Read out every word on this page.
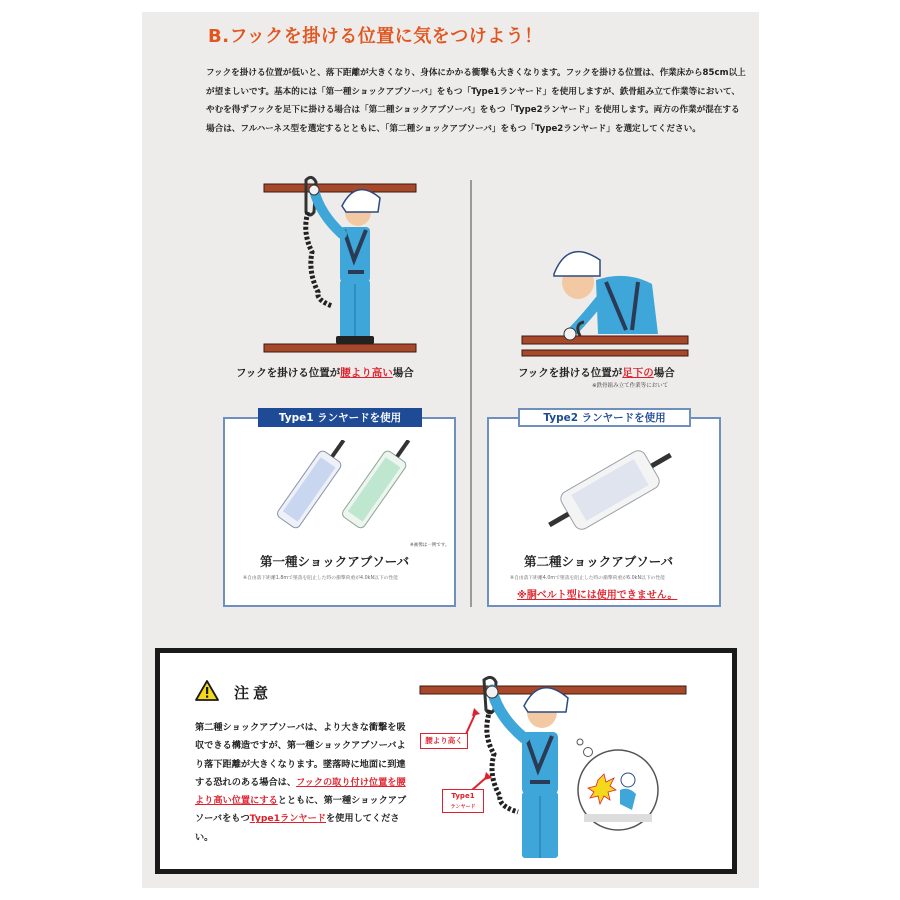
B.フックを掛ける位置に気をつけよう！
フックを掛ける位置が低いと、落下距離が大きくなり、身体にかかる衝撃も大きくなります。フックを掛ける位置は、作業床から85cm以上が望ましいです。基本的には「第一種ショックアブソーバ」をもつ「Type1ランヤード」を使用しますが、鉄骨組み立て作業等において、やむを得ずフックを足下に掛ける場合は「第二種ショックアブソーバ」をもつ「Type2ランヤード」を使用します。両方の作業が混在する場合は、フルハーネス型を選定するとともに、「第二種ショックアブソーバ」をもつ「Type2ランヤード」を選定してください。
フックを掛ける位置が腰より高い場合	フックを掛ける位置が足下の場合
※鉄骨組み立て作業等において
Type1 ランヤードを使用
※画像は一例です。
第一種ショックアブソーバ
※自由落下距離1.8mで墜落を阻止した時の衝撃荷重が4.0kN以下の性能
Type2 ランヤードを使用
第二種ショックアブソーバ
※自由落下距離4.0mで墜落を阻止した時の衝撃荷重が6.0kN以下の性能
※胴ベルト型には使用できません。
注意
第二種ショックアブソーバは、より大きな衝撃を吸収できる構造ですが、第一種ショックアブソーバより落下距離が大きくなります。墜落時に地面に到達する恐れのある場合は、フックの取り付け位置を腰より高い位置にするとともに、第一種ショックアブソーバをもつType1ランヤードを使用してください。
腰より高く
Type1
ランヤード
